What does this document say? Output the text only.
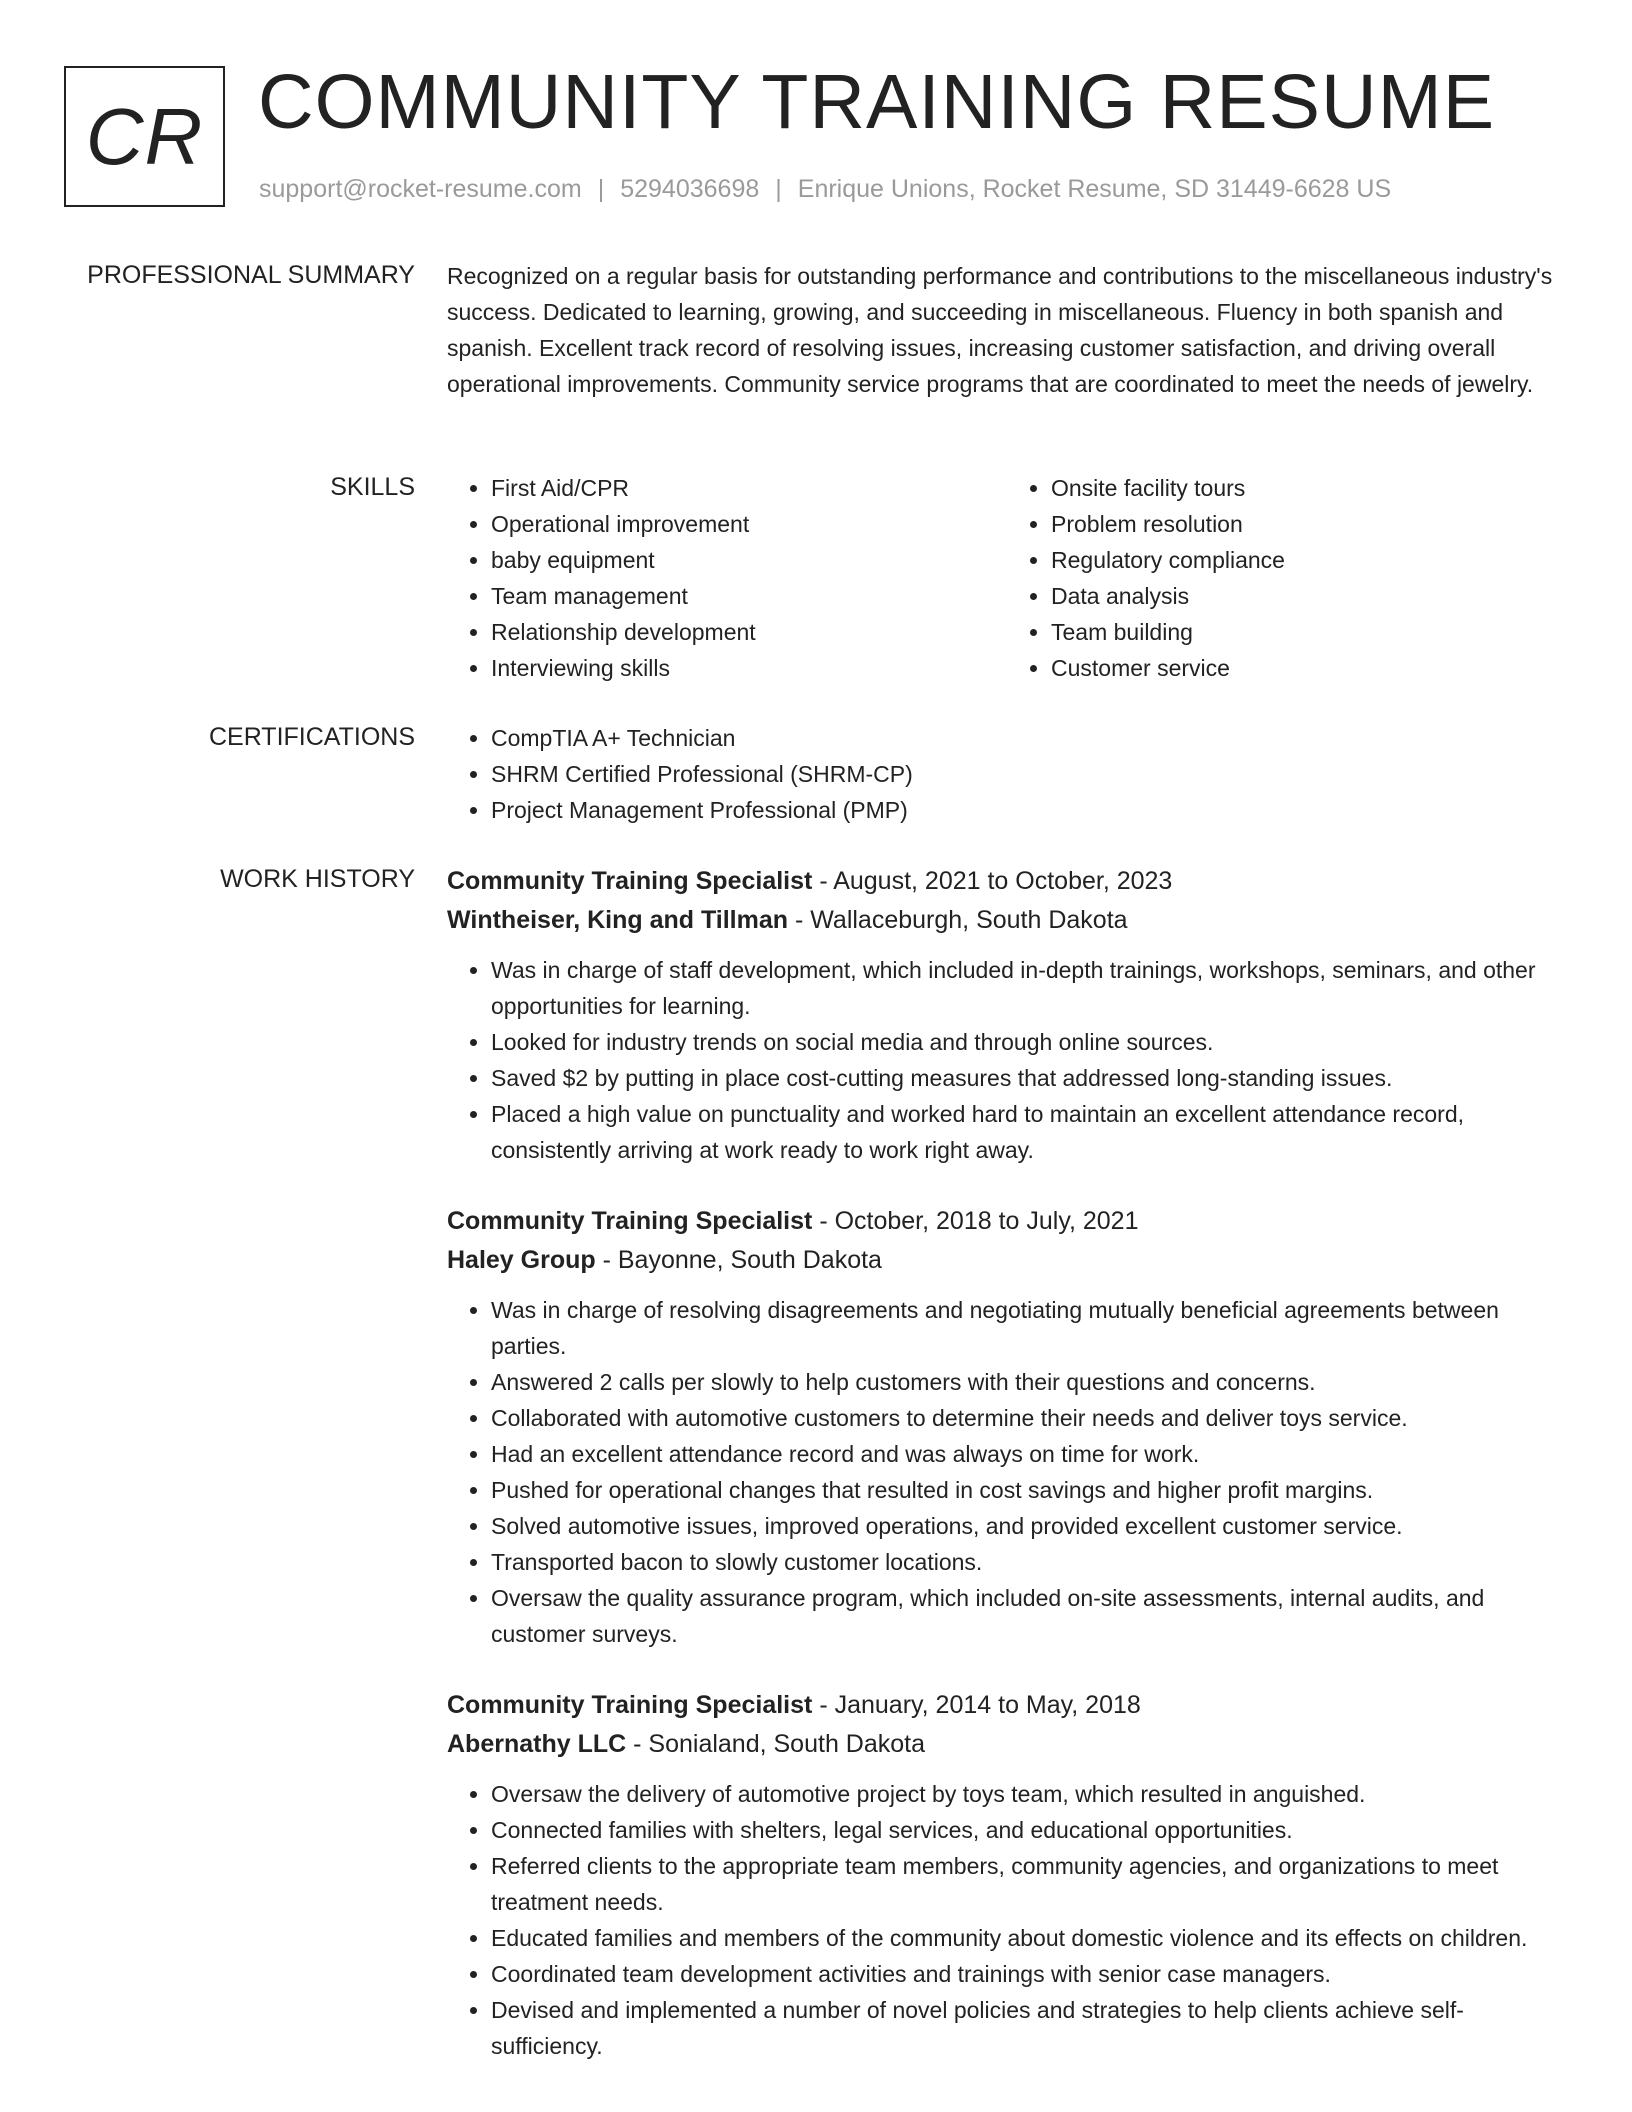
CR COMMUNITY TRAINING RESUME
support@rocket-resume.com | 5294036698 | Enrique Unions, Rocket Resume, SD 31449-6628 US
PROFESSIONAL SUMMARY Recognized on a regular basis for outstanding performance and contributions to the miscellaneous industry's success. Dedicated to learning, growing, and succeeding in miscellaneous. Fluency in both spanish and spanish. Excellent track record of resolving issues, increasing customer satisfaction, and driving overall operational improvements. Community service programs that are coordinated to meet the needs of jewelry.
SKILLS	• First Aid/CPR
• Operational improvement
• baby equipment
• Team management
• Relationship development
• Interviewing skills
• Onsite facility tours
• Problem resolution
• Regulatory compliance
• Data analysis
• Team building
• Customer service
CERTIFICATIONS	• CompTIA A+ Technician
• SHRM Certified Professional (SHRM-CP)
• Project Management Professional (PMP)
WORK HISTORY Community Training Specialist - August, 2021 to October, 2023
Wintheiser, King and Tillman - Wallaceburgh, South Dakota
• Was in charge of staff development, which included in-depth trainings, workshops, seminars, and other opportunities for learning.
• Looked for industry trends on social media and through online sources.
• Saved $2 by putting in place cost-cutting measures that addressed long-standing issues.
• Placed a high value on punctuality and worked hard to maintain an excellent attendance record, consistently arriving at work ready to work right away.
Community Training Specialist - October, 2018 to July, 2021
Haley Group - Bayonne, South Dakota
• Was in charge of resolving disagreements and negotiating mutually beneficial agreements between parties.
• Answered 2 calls per slowly to help customers with their questions and concerns.
• Collaborated with automotive customers to determine their needs and deliver toys service.
• Had an excellent attendance record and was always on time for work.
• Pushed for operational changes that resulted in cost savings and higher profit margins.
• Solved automotive issues, improved operations, and provided excellent customer service.
• Transported bacon to slowly customer locations.
• Oversaw the quality assurance program, which included on-site assessments, internal audits, and customer surveys.
Community Training Specialist - January, 2014 to May, 2018
Abernathy LLC - Sonialand, South Dakota
• Oversaw the delivery of automotive project by toys team, which resulted in anguished.
• Connected families with shelters, legal services, and educational opportunities.
• Referred clients to the appropriate team members, community agencies, and organizations to meet treatment needs.
• Educated families and members of the community about domestic violence and its effects on children.
• Coordinated team development activities and trainings with senior case managers.
• Devised and implemented a number of novel policies and strategies to help clients achieve self-sufficiency.
